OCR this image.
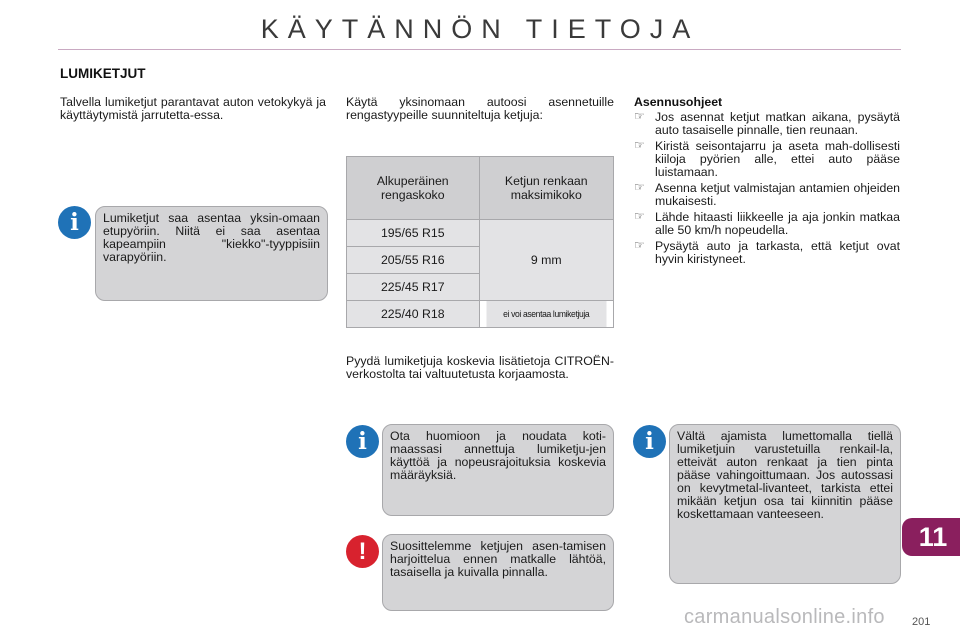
KÄYTÄNNÖN TIETOJA
LUMIKETJUT

Talvella lumiketjut parantavat auton vetokykyä ja käyttäytymistä jarrutetta-essa.

i	Lumiketjut saa asentaa yksin-omaan etupyöriin. Niitä ei saa asentaa kapeampiin "kiekko"-tyyppisiin varapyöriin.

Käytä yksinomaan autoosi asennetuille rengastyypeille suunniteltuja ketjuja:

Alkuperäinen rengaskoko	Ketjun renkaan maksimikoko
195/65 R15	9 mm
205/55 R16	
225/45 R17	
225/40 R18	ei voi asentaa lumiketjuja

Pyydä lumiketjuja koskevia lisätietoja CITROËN-verkostolta tai valtuutetusta korjaamosta.

i	Ota huomioon ja noudata koti-maassasi annettuja lumiketju-jen käyttöä ja nopeusrajoituksia koskevia määräyksiä.
!	Suosittelemme ketjujen asen-tamisen harjoittelua ennen matkalle lähtöä, tasaisella ja kuivalla pinnalla.
Asennusohjeet
☞ Jos asennat ketjut matkan aikana, pysäytä auto tasaiselle pinnalle, tien reunaan.
☞ Kiristä seisontajarru ja aseta mah-dollisesti kiiloja pyörien alle, ettei auto pääse luistamaan.
☞ Asenna ketjut valmistajan antamien ohjeiden mukaisesti.
☞ Lähde hitaasti liikkeelle ja aja jonkin matkaa alle 50 km/h nopeudella.
☞ Pysäytä auto ja tarkasta, että ketjut ovat hyvin kiristyneet.
i	Vältä ajamista lumettomalla tiellä lumiketjuin varustetuilla renkail-la, etteivät auton renkaat ja tien pinta pääse vahingoittumaan. Jos autossasi on kevytmetal-livanteet, tarkista ettei mikään ketjun osa tai kiinnitin pääse koskettamaan vanteeseen.
11
carmanualsonline.info 201
